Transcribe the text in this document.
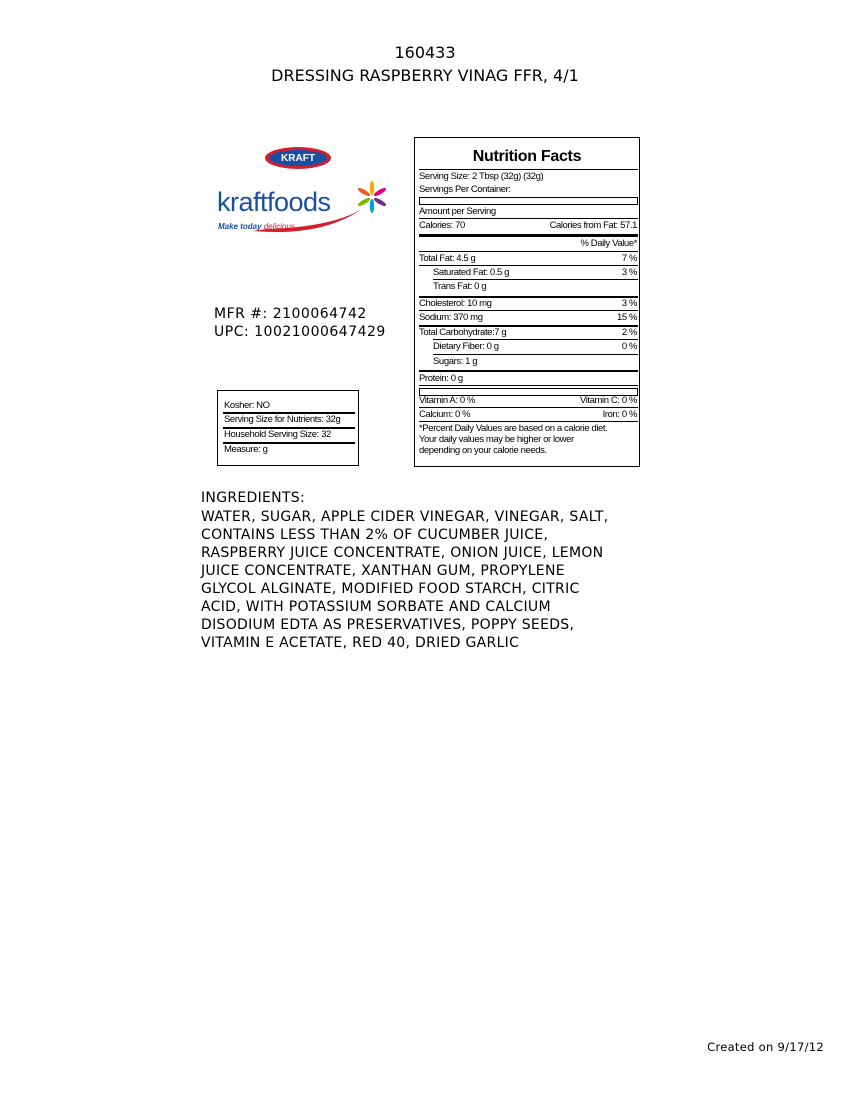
160433
DRESSING RASPBERRY VINAG FFR, 4/1
KRAFT
kraftfoods
Make today delicious
MFR #: 2100064742
UPC: 10021000647429
Kosher: NO
Serving Size for Nutrients: 32g
Household Serving Size: 32
Measure: g
Nutrition Facts
Serving Size: 2 Tbsp (32g) (32g)
Servings Per Container:
Amount per Serving
Calories: 70	Calories from Fat: 57.1
% Daily Value*
Total Fat: 4.5 g	7 %
Saturated Fat: 0.5 g	3 %
Trans Fat: 0 g
Cholesterol: 10 mg	3 %
Sodium: 370 mg	15 %
Total Carbohydrate:7 g	2 %
Dietary Fiber: 0 g	0 %
Sugars: 1 g
Protein: 0 g
Vitamin A: 0 %	Vitamin C: 0 %
Calcium: 0 %	Iron: 0 %
*Percent Daily Values are based on a calorie diet.
Your daily values may be higher or lower
depending on your calorie needs.
INGREDIENTS:
WATER, SUGAR, APPLE CIDER VINEGAR, VINEGAR, SALT,
CONTAINS LESS THAN 2% OF CUCUMBER JUICE,
RASPBERRY JUICE CONCENTRATE, ONION JUICE, LEMON
JUICE CONCENTRATE, XANTHAN GUM, PROPYLENE
GLYCOL ALGINATE, MODIFIED FOOD STARCH, CITRIC
ACID, WITH POTASSIUM SORBATE AND CALCIUM
DISODIUM EDTA AS PRESERVATIVES, POPPY SEEDS,
VITAMIN E ACETATE, RED 40, DRIED GARLIC
Created on 9/17/12
